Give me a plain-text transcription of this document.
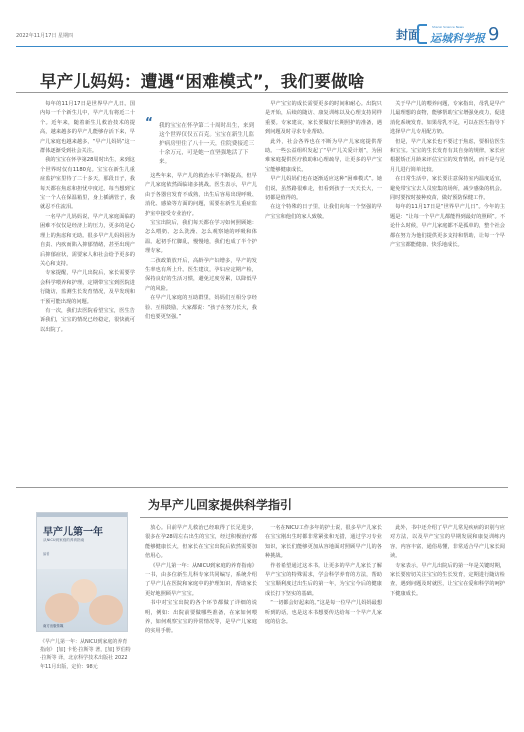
2022年11月17日 星期四	封面
Shanxi Science News
运城科学报 9
早产儿妈妈：遭遇“困难模式”，我们要做啥

每年的11月17日是世界早产儿日。国内每一千个新生儿中，早产儿有将近二十个。近年来，随着新生儿救治技术的提高，越来越多的早产儿能够存活下来，早产儿家庭也越来越多，“早产儿妈妈”这一群体逐渐受到社会关注。

我的宝宝在怀孕第28周时出生，来到这个世界时仅有1180克。宝宝在新生儿重症监护室里待了二十多天，那段日子，我每天都在焦虑和担忧中度过。每当想到宝宝一个人在保温箱里，身上插满管子，我就忍不住流泪。

一名早产儿妈妈说，早产儿家庭面临的困难不仅仅是经济上的压力，更多的是心理上的焦虑和无助。很多早产儿妈妈因为自责、内疚而陷入抑郁情绪，甚至出现产后抑郁症状，需要家人和社会给予更多的关心和支持。

专家提醒，早产儿出院后，家长需要学会科学喂养和护理，定期带宝宝到医院进行随访，监测生长发育情况，及早发现和干预可能出现的问题。

有一次，我们去医院看望宝宝，医生告诉我们，宝宝的情况已经稳定，很快就可以出院了。

“	我的宝宝在怀孕第二十周时出生，来到这个世界仅仅五百克。宝宝在新生儿监护病房里住了八十一天，住院费接近三十余万元，可是她一直坚强地活了下来。

这些年来，早产儿的救治水平不断提高，但早产儿家庭依然面临诸多挑战。医生表示，早产儿由于各器官发育不成熟，出生后容易出现呼吸、消化、感染等方面的问题，需要在新生儿重症监护室中接受专业治疗。

宝宝出院后，我们每天都在学习如何照顾她：怎么喂奶、怎么洗澡、怎么观察她的呼吸和体温。起初手忙脚乱，慢慢地，我们也成了半个护理专家。

二孩政策放开后，高龄孕产妇增多，早产的发生率也有所上升。医生建议，孕妇应定期产检，保持良好的生活习惯，避免过度劳累，以降低早产的风险。

在早产儿家庭的互助群里，妈妈们互相分享经验、互相鼓励，大家都说：“孩子在努力长大，我们也要更坚强。”

早产宝宝的成长需要更多的时间和耐心。出院只是开始，后续的随访、康复训练以及心理支持同样重要。专家建议，家长要做好长期照护的准备，遇到问题及时寻求专业帮助。

此外，社会各界也在不断为早产儿家庭提供帮助。一些公益组织发起了“早产儿关爱计划”，为困难家庭提供医疗救助和心理疏导，让更多的早产宝宝能够健康成长。

早产儿妈妈们也在逐渐适应这种“困难模式”。她们说，虽然路很难走，但看到孩子一天天长大，一切都是值得的。

在这个特殊的日子里，让我们向每一个坚强的早产宝宝和他们的家人致敬。

关于早产儿的喂养问题，专家指出，母乳是早产儿最理想的食物，能够帮助宝宝增强免疫力，促进消化系统发育。如果母乳不足，可以在医生指导下选择早产儿专用配方奶。

但是，早产儿家长也不要过于焦虑，要相信医生和宝宝。宝宝的生长发育有其自身的规律，家长应根据矫正月龄来评估宝宝的发育情况，而不是与足月儿进行简单比较。

在日常生活中，家长要注意保持室内温度适宜，避免带宝宝去人员密集的场所，减少感染的机会。同时要按时接种疫苗，做好预防保健工作。

每年的11月17日是“世界早产儿日”。今年的主题是：“让每一个早产儿都能得到最好的照顾”。不论什么时候，早产儿家庭都不是孤单的，整个社会都在努力为他们提供更多支持和帮助，让每一个早产宝宝都能健康、快乐地成长。

为早产儿回家提供科学指引
早产儿第一年
从NICU到家庭的养育指南
编著
南方出版传媒
《早产儿第一年：从NICU到家庭的养育指南》 [加] 卡伦·拉斯等 著，[加] 罗伯特·拉斯等 译，北京科学技术出版社 2022年11月出版，定价：98元

放心。目前早产儿救治已经取得了长足进步，很多在孕28周左右出生的宝宝，经过积极治疗都能够健康长大，但家长在宝宝出院后依然需要加倍用心。

《早产儿第一年：从NICU到家庭的养育指南》一书，由多位新生儿科专家共同编写，系统介绍了早产儿在医院和家庭中的护理知识，帮助家长更好地照顾早产宝宝。

书中对宝宝出院的各个环节都做了详细的说明，例如：出院前要做哪些准备，在家如何喂养，如何观察宝宝的异常情况等，是早产儿家庭的实用手册。

一名在NICU工作多年的护士说，很多早产儿家长在宝宝刚出生时都非常紧张和无措，通过学习专业知识，家长们能够更加从容地面对照顾早产儿的各种挑战。

作者希望通过这本书，让更多的早产儿家长了解早产宝宝的特殊需求，学会科学养育的方法，帮助宝宝顺利度过出生后的第一年，为宝宝今后的健康成长打下坚实的基础。

“一切都会好起来的。”这是每一位早产儿妈妈最想听到的话，也是这本书想要传达给每一个早产儿家庭的信念。

此外，书中还介绍了早产儿常见疾病的识别与应对方法，以及早产宝宝的早期发展和康复训练内容，内容丰富，通俗易懂，非常适合早产儿家长阅读。

专家表示，早产儿出院后的第一年是关键时期，家长要密切关注宝宝的生长发育，定期进行随访检查，遇到问题及时就医，让宝宝在爱和科学的呵护下健康成长。
